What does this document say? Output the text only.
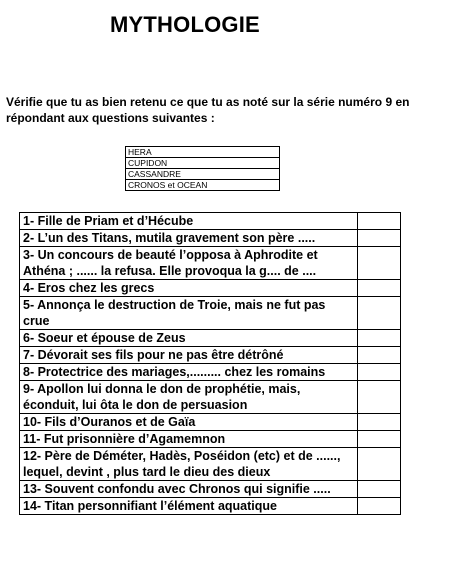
MYTHOLOGIE
Vérifie que tu as bien retenu ce que tu as noté sur la série numéro 9 en répondant aux questions suivantes :
HERA
CUPIDON
CASSANDRE
CRONOS et OCEAN
1- Fille de Priam et d’Hécube	
2- L’un des Titans, mutila gravement son père .....	
3- Un concours de beauté l’opposa à Aphrodite et Athéna ; ...... la refusa. Elle provoqua la g.... de ....	
4- Eros chez les grecs	
5- Annonça le destruction de Troie, mais ne fut pas crue	
6- Soeur et épouse de Zeus	
7- Dévorait ses fils pour ne pas être détrôné	
8- Protectrice des mariages,......... chez les romains	
9- Apollon lui donna le don de prophétie, mais, éconduit, lui ôta le don de persuasion	
10- Fils d’Ouranos et de Gaïa	
11- Fut prisonnière d’Agamemnon	
12- Père de Déméter, Hadès, Poséidon (etc) et de ......, lequel, devint , plus tard le dieu des dieux	
13- Souvent confondu avec Chronos qui signifie .....	
14- Titan personnifiant l’élément aquatique	
